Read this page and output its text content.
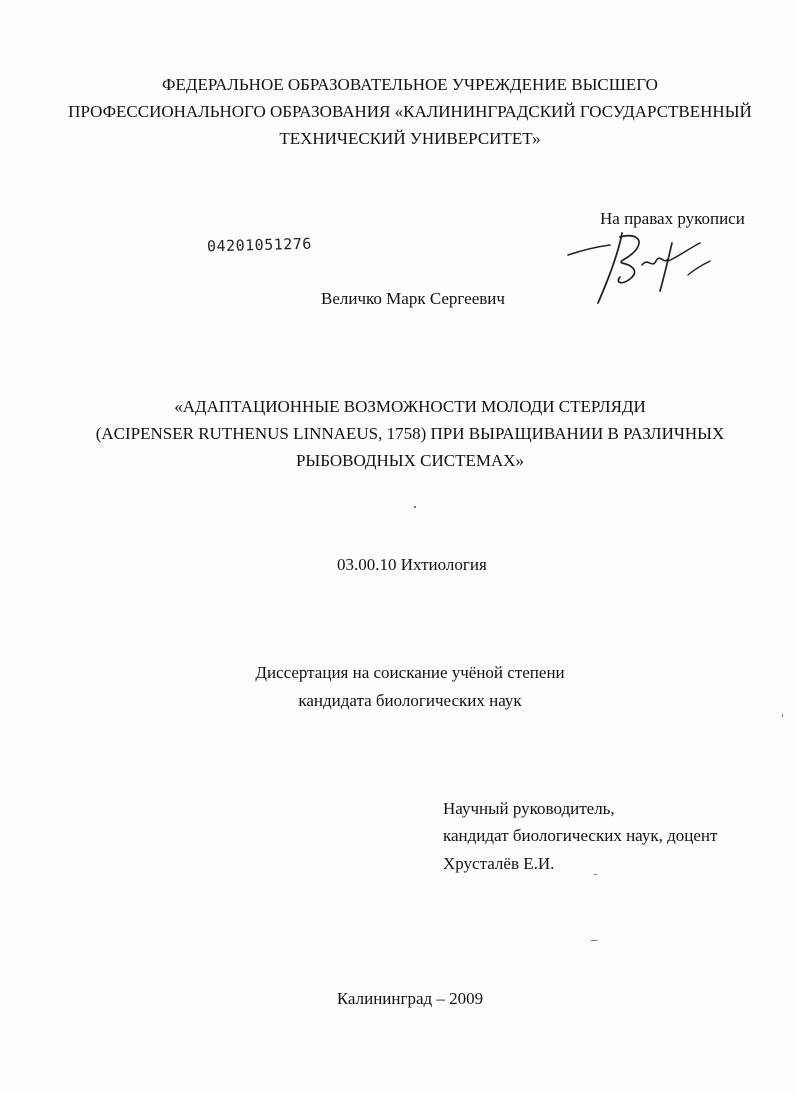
ФЕДЕРАЛЬНОЕ ОБРАЗОВАТЕЛЬНОЕ УЧРЕЖДЕНИЕ ВЫСШЕГО
ПРОФЕССИОНАЛЬНОГО ОБРАЗОВАНИЯ «КАЛИНИНГРАДСКИЙ ГОСУДАРСТВЕННЫЙ
ТЕХНИЧЕСКИЙ УНИВЕРСИТЕТ»
На правах рукописи
04201051276
Величко Марк Сергеевич
«АДАПТАЦИОННЫЕ ВОЗМОЖНОСТИ МОЛОДИ СТЕРЛЯДИ
(ACIPENSER RUTHENUS LINNAEUS, 1758) ПРИ ВЫРАЩИВАНИИ В РАЗЛИЧНЫХ
РЫБОВОДНЫХ СИСТЕМАХ»
03.00.10 Ихтиология
Диссертация на соискание учёной степени
кандидата биологических наук
Научный руководитель,
кандидат биологических наук, доцент
Хрусталёв Е.И.
Калининград – 2009
